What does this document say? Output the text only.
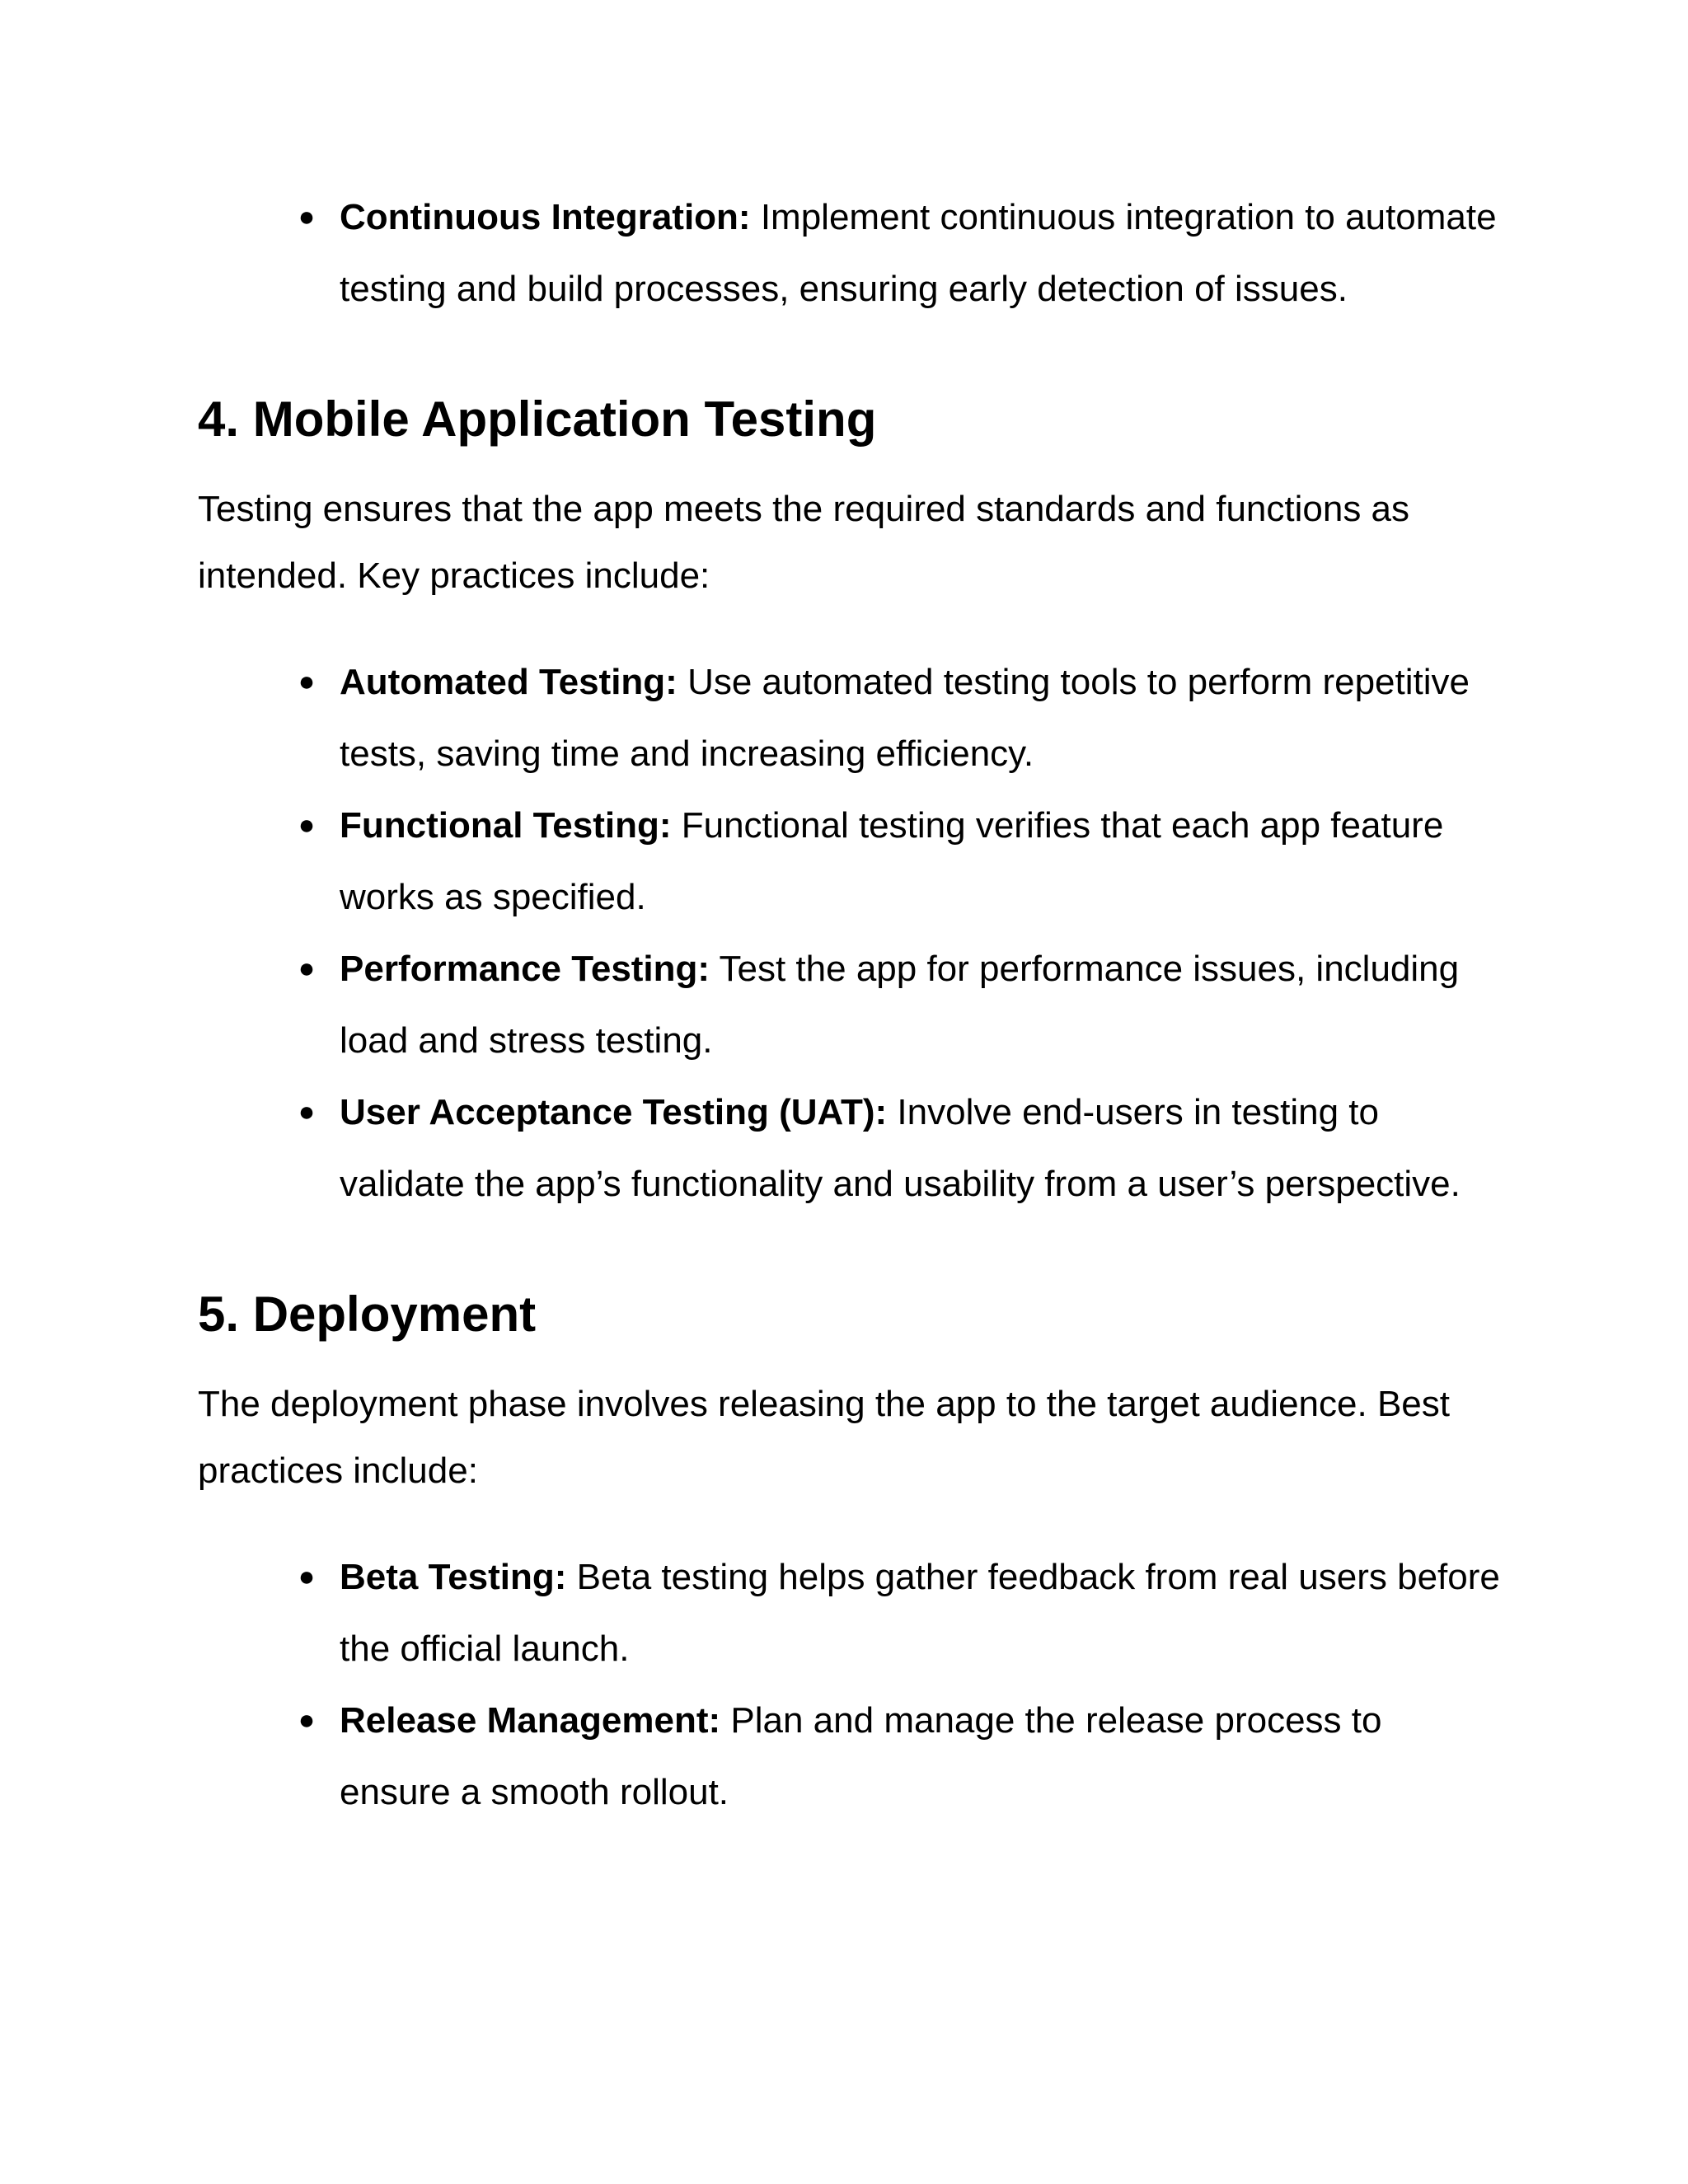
● Continuous Integration: Implement continuous integration to automate testing and build processes, ensuring early detection of issues.
4. Mobile Application Testing

Testing ensures that the app meets the required standards and functions as intended. Key practices include:

● Automated Testing: Use automated testing tools to perform repetitive tests, saving time and increasing efficiency.
● Functional Testing: Functional testing verifies that each app feature works as specified.
● Performance Testing: Test the app for performance issues, including load and stress testing.
● User Acceptance Testing (UAT): Involve end-users in testing to validate the app’s functionality and usability from a user’s perspective.
5. Deployment

The deployment phase involves releasing the app to the target audience. Best practices include:

● Beta Testing: Beta testing helps gather feedback from real users before the official launch.
● Release Management: Plan and manage the release process to ensure a smooth rollout.
